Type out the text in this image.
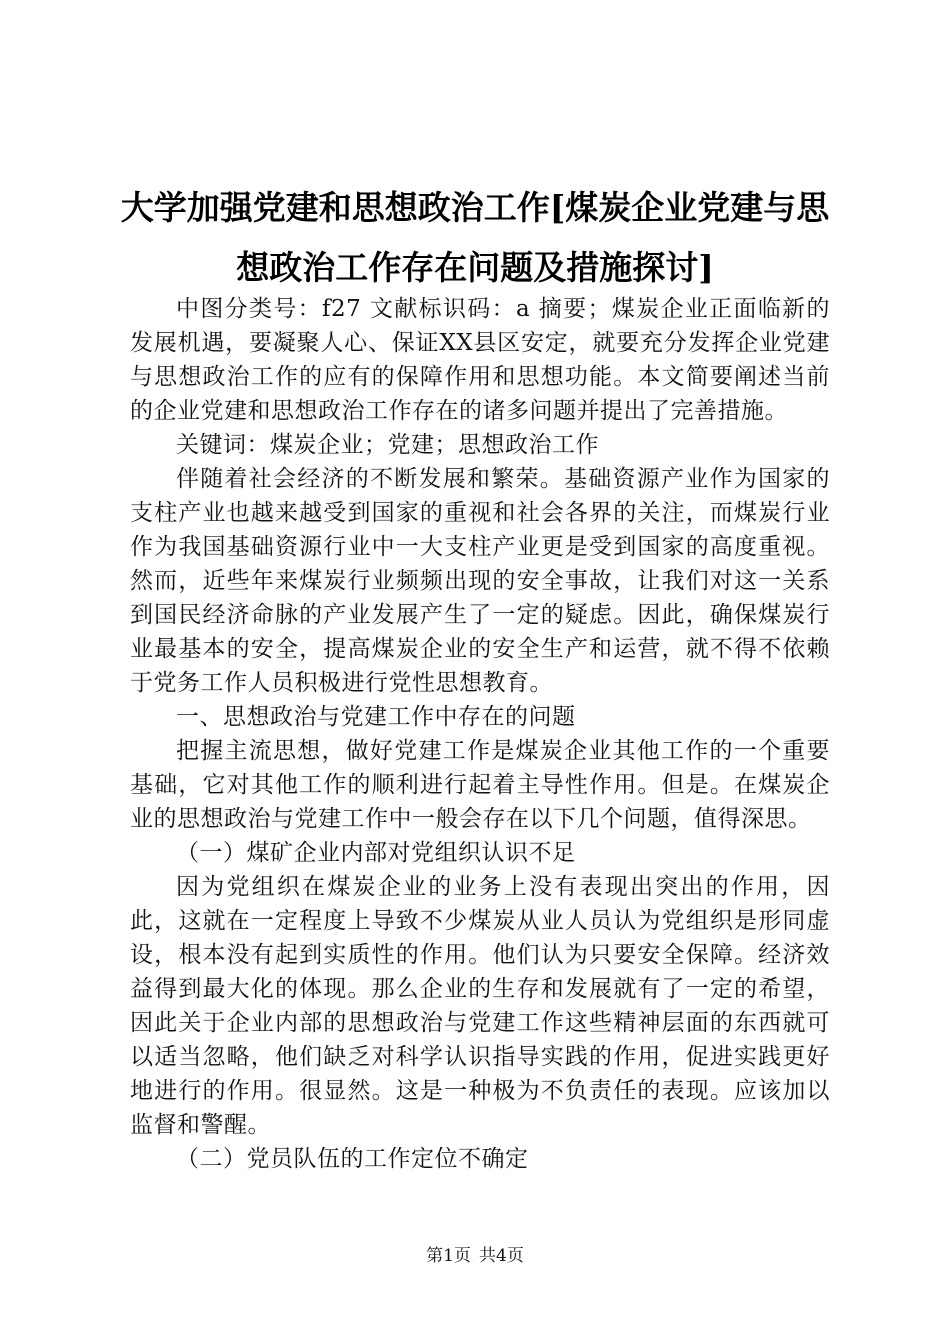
大学加强党建和思想政治工作[煤炭企业党建与思想政治工作存在问题及措施探讨]

中图分类号：f27 文献标识码：a 摘要；煤炭企业正面临新的发展机遇，要凝聚人心、保证XX县区安定，就要充分发挥企业党建与思想政治工作的应有的保障作用和思想功能。本文简要阐述当前的企业党建和思想政治工作存在的诸多问题并提出了完善措施。

关键词：煤炭企业；党建；思想政治工作

伴随着社会经济的不断发展和繁荣。基础资源产业作为国家的支柱产业也越来越受到国家的重视和社会各界的关注，而煤炭行业作为我国基础资源行业中一大支柱产业更是受到国家的高度重视。然而，近些年来煤炭行业频频出现的安全事故，让我们对这一关系到国民经济命脉的产业发展产生了一定的疑虑。因此，确保煤炭行业最基本的安全，提高煤炭企业的安全生产和运营，就不得不依赖于党务工作人员积极进行党性思想教育。

一、思想政治与党建工作中存在的问题

把握主流思想，做好党建工作是煤炭企业其他工作的一个重要基础，它对其他工作的顺利进行起着主导性作用。但是。在煤炭企业的思想政治与党建工作中一般会存在以下几个问题，值得深思。

（一）煤矿企业内部对党组织认识不足

因为党组织在煤炭企业的业务上没有表现出突出的作用，因此，这就在一定程度上导致不少煤炭从业人员认为党组织是形同虚设，根本没有起到实质性的作用。他们认为只要安全保障。经济效益得到最大化的体现。那么企业的生存和发展就有了一定的希望，因此关于企业内部的思想政治与党建工作这些精神层面的东西就可以适当忽略，他们缺乏对科学认识指导实践的作用，促进实践更好地进行的作用。很显然。这是一种极为不负责任的表现。应该加以监督和警醒。

（二）党员队伍的工作定位不确定

第1页 共4页
